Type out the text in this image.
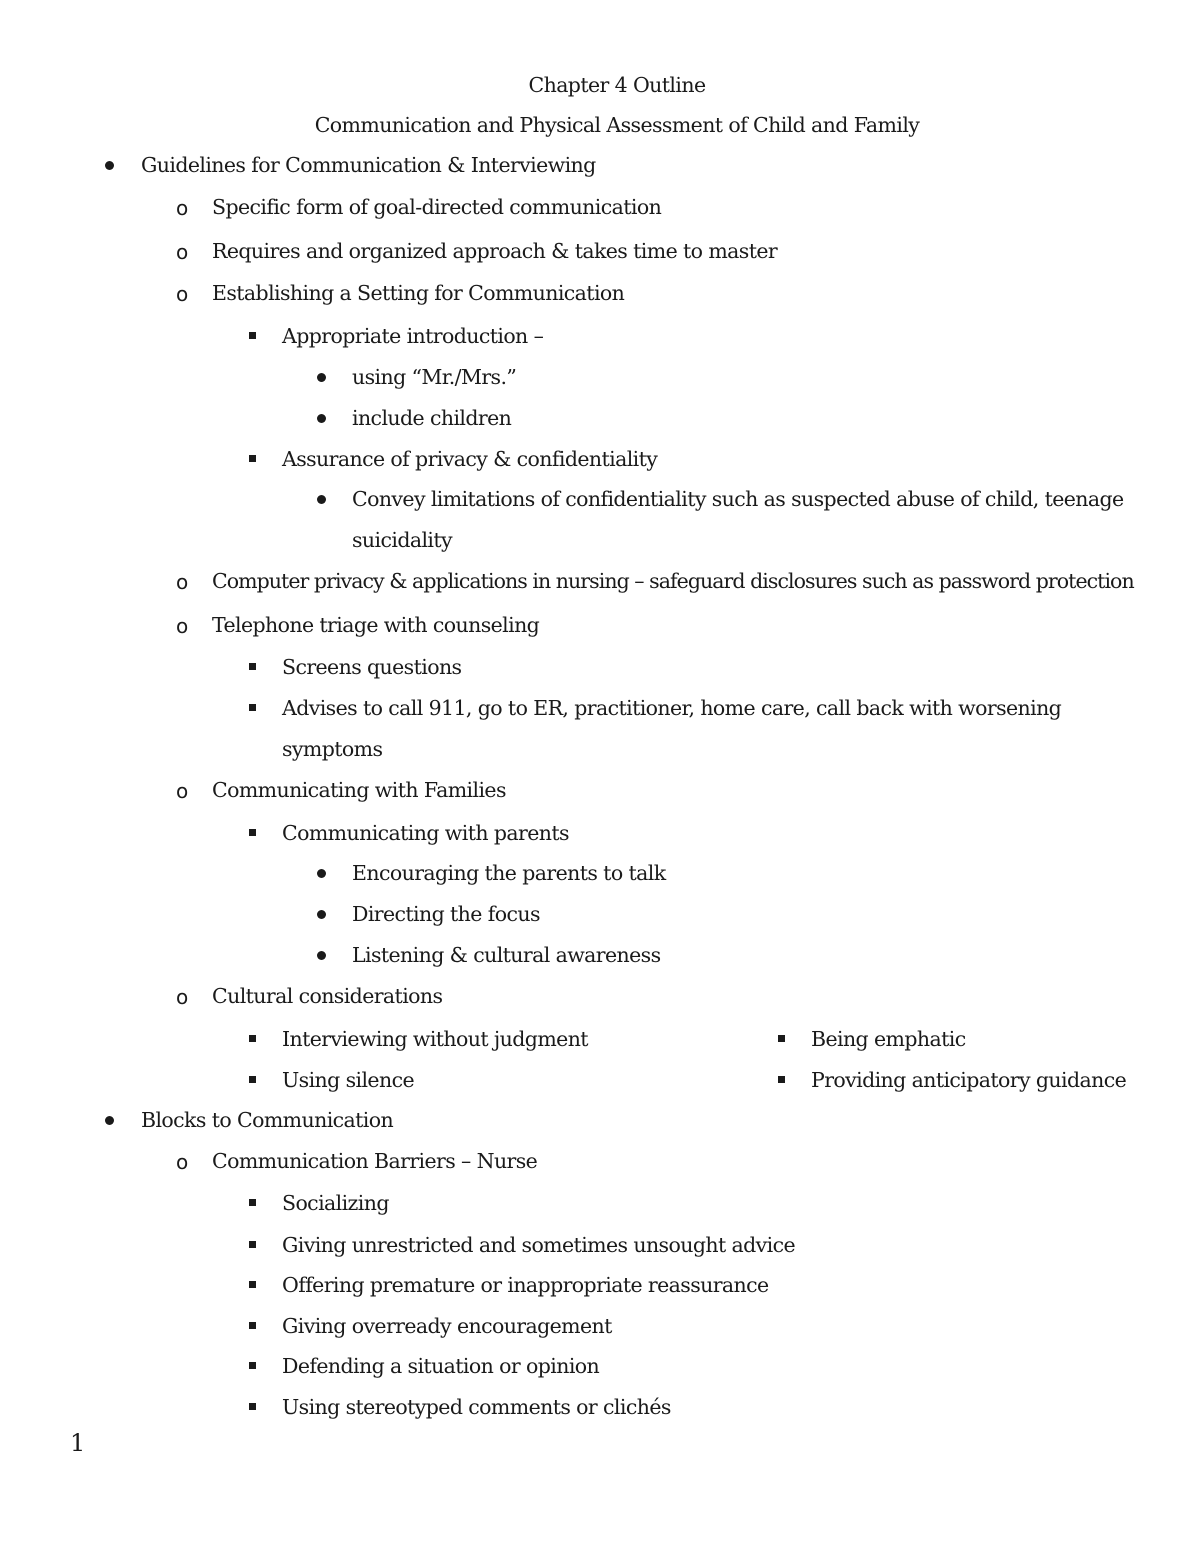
Chapter 4 Outline
Communication and Physical Assessment of Child and Family
Guidelines for Communication & Interviewing
o Specific form of goal-directed communication
o Requires and organized approach & takes time to master
o Establishing a Setting for Communication
Appropriate introduction –
using “Mr./Mrs.”
include children
Assurance of privacy & confidentiality
Convey limitations of confidentiality such as suspected abuse of child, teenage
suicidality
o Computer privacy & applications in nursing – safeguard disclosures such as password protection
o Telephone triage with counseling
Screens questions
Advises to call 911, go to ER, practitioner, home care, call back with worsening
symptoms
o Communicating with Families
Communicating with parents
Encouraging the parents to talk
Directing the focus
Listening & cultural awareness
o Cultural considerations
Interviewing without judgment	Being emphatic
Using silence	Providing anticipatory guidance
Blocks to Communication
o Communication Barriers – Nurse
Socializing
Giving unrestricted and sometimes unsought advice
Offering premature or inappropriate reassurance
Giving overready encouragement
Defending a situation or opinion
Using stereotyped comments or clichés
1
